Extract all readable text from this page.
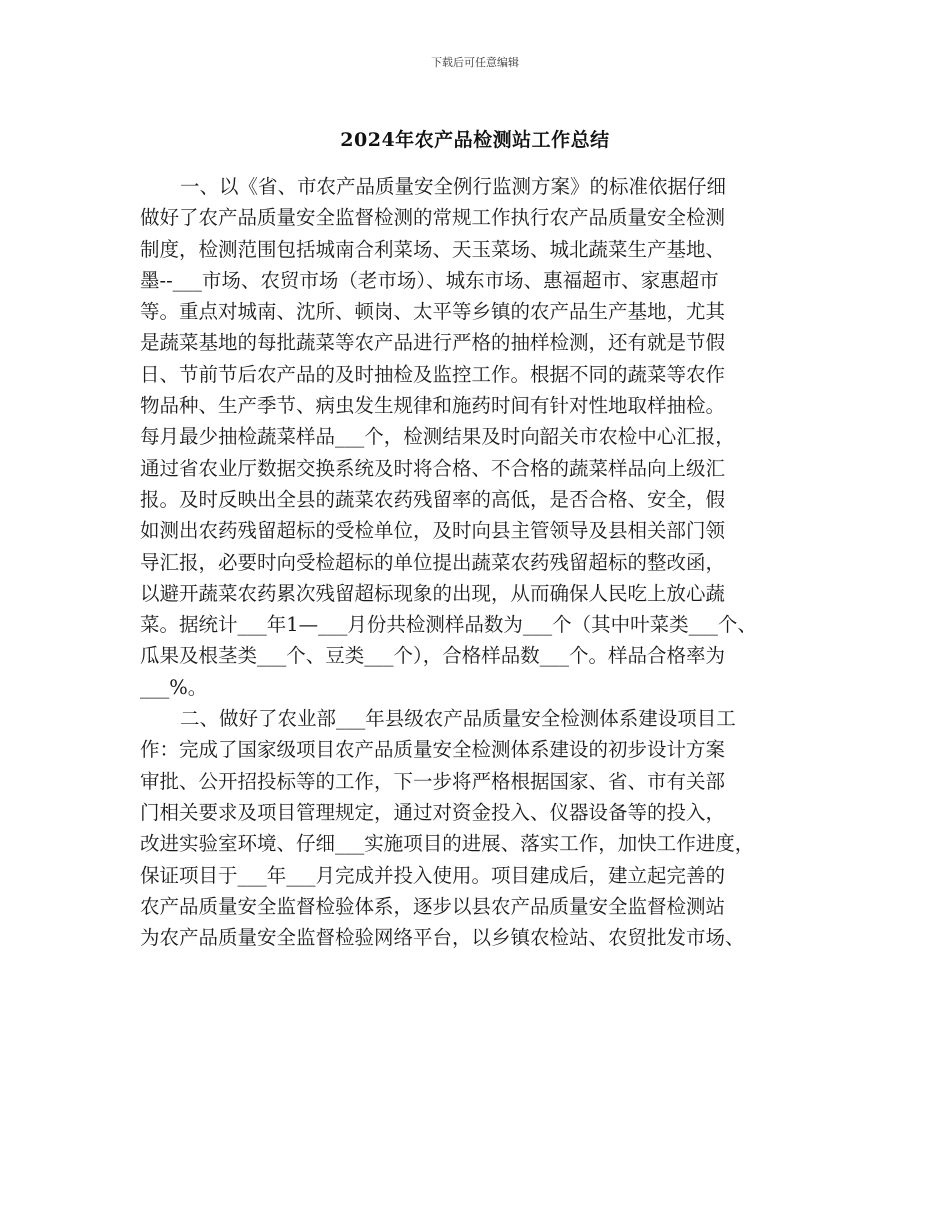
下载后可任意编辑
2024年农产品检测站工作总结
一、以《省、市农产品质量安全例行监测方案》的标准依据仔细
做好了农产品质量安全监督检测的常规工作执行农产品质量安全检测
制度，检测范围包括城南合利菜场、天玉菜场、城北蔬菜生产基地、
墨--___市场、农贸市场（老市场）、城东市场、惠福超市、家惠超市
等。重点对城南、沈所、顿岗、太平等乡镇的农产品生产基地，尤其
是蔬菜基地的每批蔬菜等农产品进行严格的抽样检测，还有就是节假
日、节前节后农产品的及时抽检及监控工作。根据不同的蔬菜等农作
物品种、生产季节、病虫发生规律和施药时间有针对性地取样抽检。
每月最少抽检蔬菜样品___个，检测结果及时向韶关市农检中心汇报，
通过省农业厅数据交换系统及时将合格、不合格的蔬菜样品向上级汇
报。及时反映出全县的蔬菜农药残留率的高低，是否合格、安全，假
如测出农药残留超标的受检单位，及时向县主管领导及县相关部门领
导汇报，必要时向受检超标的单位提出蔬菜农药残留超标的整改函，
以避开蔬菜农药累次残留超标现象的出现，从而确保人民吃上放心蔬
菜。据统计___年1—___月份共检测样品数为___个（其中叶菜类___个、
瓜果及根茎类___个、豆类___个），合格样品数___个。样品合格率为
___%。
二、做好了农业部___年县级农产品质量安全检测体系建设项目工
作：完成了国家级项目农产品质量安全检测体系建设的初步设计方案
审批、公开招投标等的工作，下一步将严格根据国家、省、市有关部
门相关要求及项目管理规定，通过对资金投入、仪器设备等的投入，
改进实验室环境、仔细___实施项目的进展、落实工作，加快工作进度，
保证项目于___年___月完成并投入使用。项目建成后，建立起完善的
农产品质量安全监督检验体系，逐步以县农产品质量安全监督检测站
为农产品质量安全监督检验网络平台，以乡镇农检站、农贸批发市场、
